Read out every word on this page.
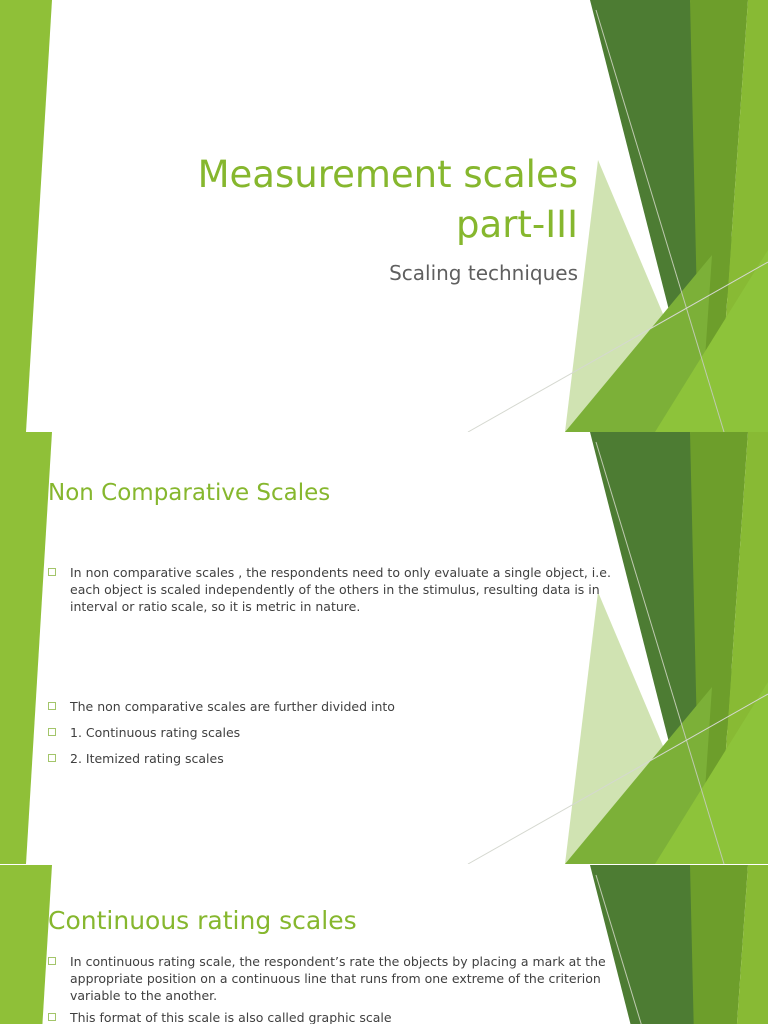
Measurement scales
part-III

Scaling techniques

Non Comparative Scales
In non comparative scales , the respondents need to only evaluate a single object, i.e. each object is scaled independently of the others in the stimulus, resulting data is in interval or ratio scale, so it is metric in nature.
The non comparative scales are further divided into
1. Continuous rating scales
2. Itemized rating scales
Continuous rating scales
In continuous rating scale, the respondent’s rate the objects by placing a mark at the appropriate position on a continuous line that runs from one extreme of the criterion variable to the another.
This format of this scale is also called graphic scale
